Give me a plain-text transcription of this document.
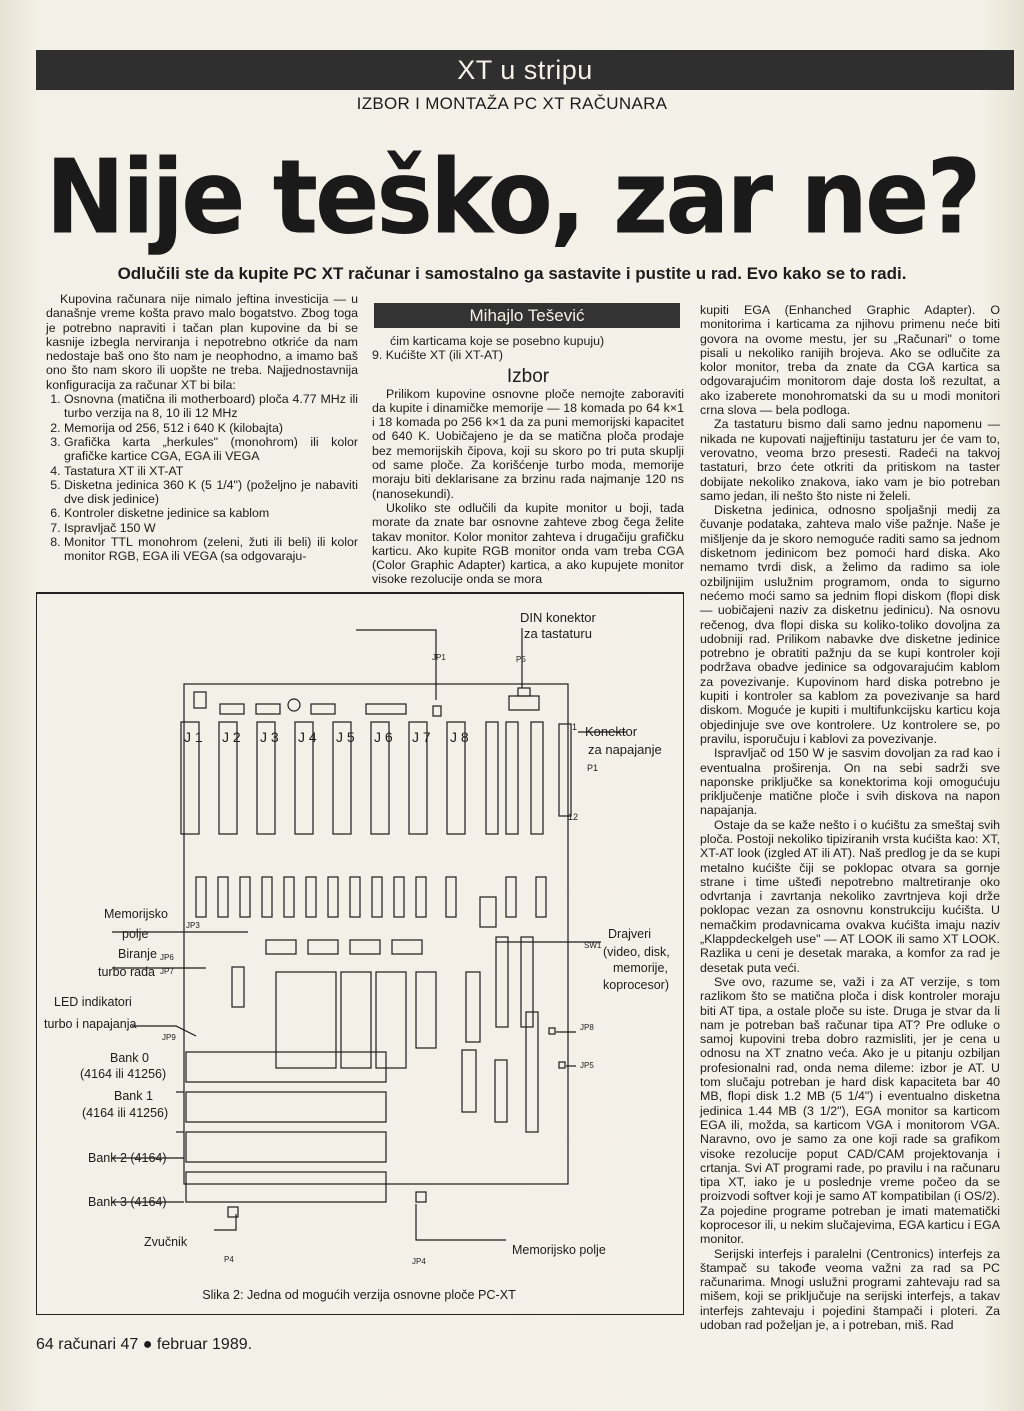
XT u stripu
IZBOR I MONTAŽA PC XT RAČUNARA
Nije teško, zar ne?
Odlučili ste da kupite PC XT računar i samostalno ga sastavite i pustite u rad. Evo kako se to radi.

Kupovina računara nije nimalo jeftina investicija — u današnje vreme košta pravo malo bogatstvo. Zbog toga je potrebno napraviti i tačan plan kupovine da bi se kasnije izbegla nerviranja i nepotrebno otkriće da nam nedostaje baš ono što nam je neophodno, a imamo baš ono što nam skoro ili uopšte ne treba. Najjednostavnija konfiguracija za računar XT bi bila:

1. Osnovna (matična ili motherboard) ploča 4.77 MHz ili turbo verzija na 8, 10 ili 12 MHz
2. Memorija od 256, 512 i 640 K (kilobajta)
3. Grafička karta „herkules" (monohrom) ili kolor grafičke kartice CGA, EGA ili VEGA
4. Tastatura XT ili XT-AT
5. Disketna jedinica 360 K (5 1/4") (poželjno je nabaviti dve disk jedinice)
6. Kontroler disketne jedinice sa kablom
7. Ispravljač 150 W
8. Monitor TTL monohrom (zeleni, žuti ili beli) ili kolor monitor RGB, EGA ili VEGA (sa odgovaraju-
Mihajlo Tešević

ćim karticama koje se posebno kupuju)

9. Kućište XT (ili XT-AT)

Prilikom kupovine osnovne ploče nemojte zaboraviti da kupite i dinamičke memorije — 18 komada po 64 k×1 i 18 komada po 256 k×1 da za puni memorijski kapacitet od 640 K. Uobičajeno je da se matična ploča prodaje bez memorijskih čipova, koji su skoro po tri puta skuplji od same ploče. Za korišćenje turbo moda, memorije moraju biti deklarisane za brzinu rada najmanje 120 ns (nanosekundi).

Ukoliko ste odlučili da kupite monitor u boji, tada morate da znate bar osnovne zahteve zbog čega želite takav monitor. Kolor monitor zahteva i drugačiju grafičku karticu. Ako kupite RGB monitor onda vam treba CGA (Color Graphic Adapter) kartica, a ako kupujete monitor visoke rezolucije onda se mora

Izbor

kupiti EGA (Enhanched Graphic Adapter). O monitorima i karticama za njihovu primenu neće biti govora na ovome mestu, jer su „Računari" o tome pisali u nekoliko ranijih brojeva. Ako se odlučite za kolor monitor, treba da znate da CGA kartica sa odgovarajućim monitorom daje dosta loš rezultat, a ako izaberete monohromatski da su u modi monitori crna slova — bela podloga.

Za tastaturu bismo dali samo jednu napomenu — nikada ne kupovati najjeftiniju tastaturu jer će vam to, verovatno, veoma brzo presesti. Radeći na takvoj tastaturi, brzo ćete otkriti da pritiskom na taster dobijate nekoliko znakova, iako vam je bio potreban samo jedan, ili nešto što niste ni želeli.

Disketna jedinica, odnosno spoljašnji medij za čuvanje podataka, zahteva malo više pažnje. Naše je mišljenje da je skoro nemoguće raditi samo sa jednom disketnom jedinicom bez pomoći hard diska. Ako nemamo tvrdi disk, a želimo da radimo sa iole ozbiljnijim uslužnim programom, onda to sigurno nećemo moći samo sa jednim flopi diskom (flopi disk — uobičajeni naziv za disketnu jedinicu). Na osnovu rečenog, dva flopi diska su koliko-toliko dovoljna za udobniji rad. Prilikom nabavke dve disketne jedinice potrebno je obratiti pažnju da se kupi kontroler koji podržava obadve jedinice sa odgovarajućim kablom za povezivanje. Kupovinom hard diska potrebno je kupiti i kontroler sa kablom za povezivanje sa hard diskom. Moguće je kupiti i multifunkcijsku karticu koja objedinjuje sve ove kontrolere. Uz kontrolere se, po pravilu, isporučuju i kablovi za povezivanje.

Ispravljač od 150 W je sasvim dovoljan za rad kao i eventualna proširenja. On na sebi sadrži sve naponske priključke sa konektorima koji omogućuju priključenje matične ploče i svih diskova na napon napajanja.

Ostaje da se kaže nešto i o kućištu za smeštaj svih ploča. Postoji nekoliko tipiziranih vrsta kućišta kao: XT, XT-AT look (izgled AT ili AT). Naš predlog je da se kupi metalno kućište čiji se poklopac otvara sa gornje strane i time ušteđi nepotrebno maltretiranje oko odvrtanja i zavrtanja nekoliko zavrtnjeva koji drže poklopac vezan za osnovnu konstrukciju kućišta. U nemačkim prodavnicama ovakva kućišta imaju naziv „Klappdeckelgeh use" — AT LOOK ili samo XT LOOK. Razlika u ceni je desetak maraka, a komfor za rad je desetak puta veći.

Sve ovo, razume se, važi i za AT verzije, s tom razlikom što se matična ploča i disk kontroler moraju biti AT tipa, a ostale ploče su iste. Druga je stvar da li nam je potreban baš računar tipa AT? Pre odluke o samoj kupovini treba dobro razmisliti, jer je cena u odnosu na XT znatno veća. Ako je u pitanju ozbiljan profesionalni rad, onda nema dileme: izbor je AT. U tom slučaju potreban je hard disk kapaciteta bar 40 MB, flopi disk 1.2 MB (5 1/4") i eventualno disketna jedinica 1.44 MB (3 1/2"), EGA monitor sa karticom EGA ili, možda, sa karticom VGA i monitorom VGA. Naravno, ovo je samo za one koji rade sa grafikom visoke rezolucije poput CAD/CAM projektovanja i crtanja. Svi AT programi rade, po pravilu i na računaru tipa XT, iako je u poslednje vreme počeo da se proizvodi softver koji je samo AT kompatibilan (i OS/2). Za pojedine programe potreban je imati matematički koprocesor ili, u nekim slučajevima, EGA karticu i EGA monitor.

Serijski interfejs i paralelni (Centronics) interfejs za štampač su takođe veoma važni za rad sa PC računarima. Mnogi uslužni programi zahtevaju rad sa mišem, koji se priključuje na serijski interfejs, a takav interfejs zahtevaju i pojedini štampači i ploteri. Za udoban rad poželjan je, a i potreban, miš. Rad

DIN konektor
za tastaturu
JP1	P5
Konektor
za napajanje
P1
1
12
Memorijsko
polje
JP3
Biranje
turbo rada
JP6
JP7
LED indikatori
turbo i napajanja
JP9
Bank 0
(4164 ili 41256)
Bank 1
(4164 ili 41256)
Bank 2 (4164)
Bank 3 (4164)
Zvučnik
P4	JP4
Memorijsko polje
SW1
Drajveri
(video, disk,
memorije,
koprocesor)
JP8
JP5
J 1 J 2 J 3 J 4 J 5 J 6 J 7 J 8
Slika 2: Jedna od mogućih verzija osnovne ploče PC-XT
64 računari 47 ● februar 1989.
